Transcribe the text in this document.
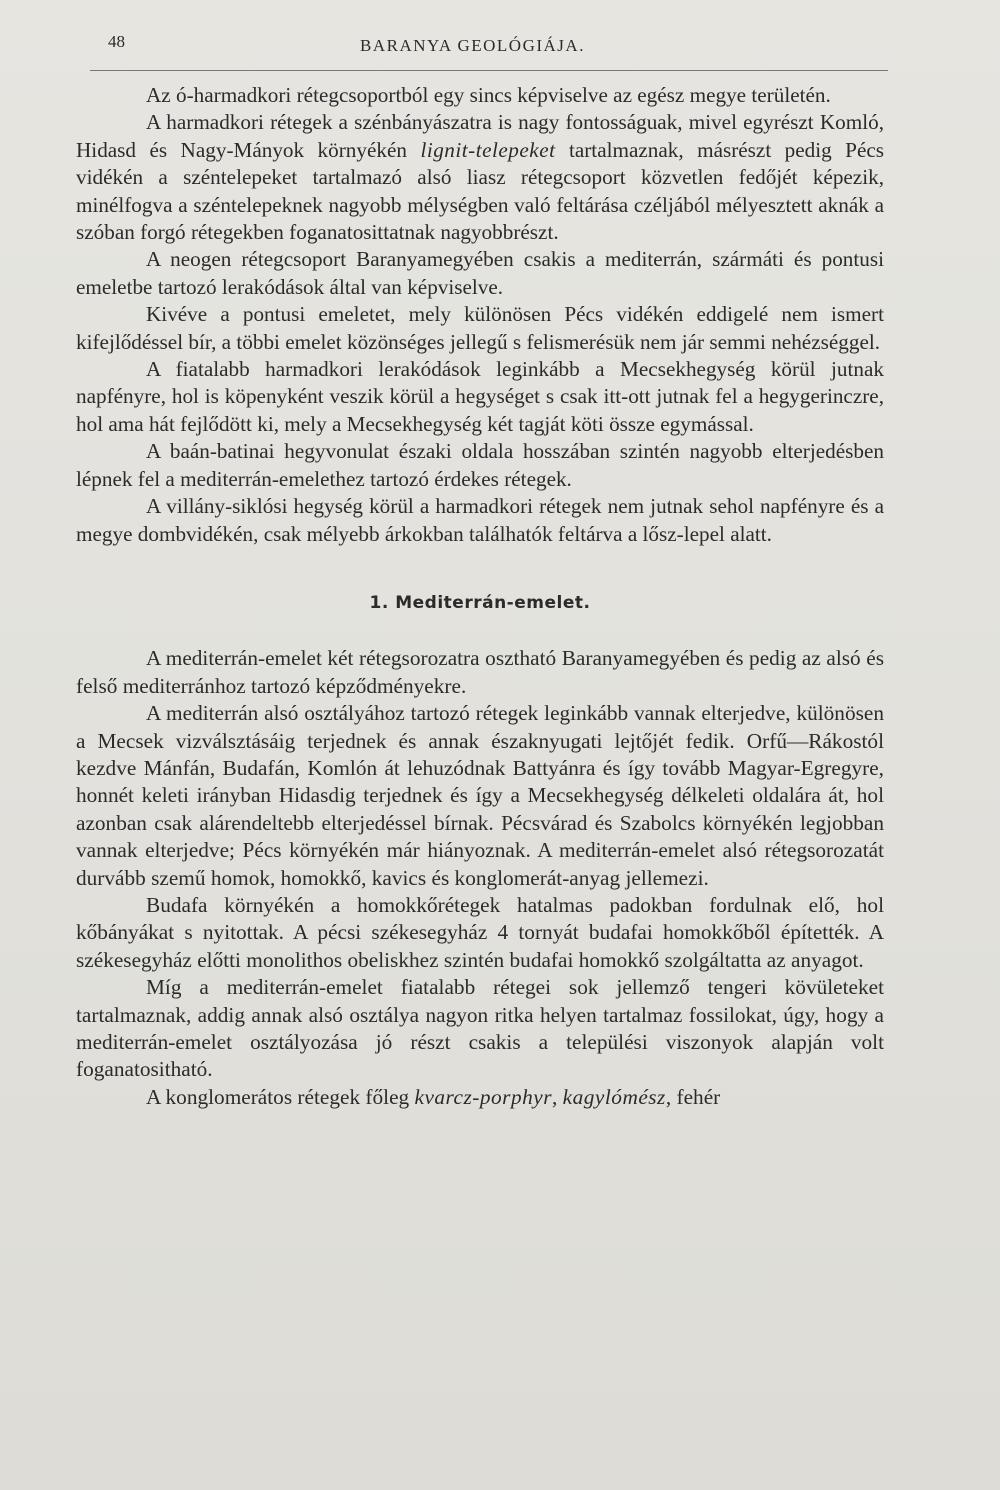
48	BARANYA GEOLÓGIÁJA.

Az ó-harmadkori rétegcsoportból egy sincs képviselve az egész megye területén.

A harmadkori rétegek a szénbányászatra is nagy fontosságuak, mivel egyrészt Komló, Hidasd és Nagy-Mányok környékén lignit-telepeket tartalmaznak, másrészt pedig Pécs vidékén a széntelepeket tartalmazó alsó liasz rétegcsoport közvetlen fedőjét képezik, minélfogva a széntelepeknek nagyobb mélységben való feltárása czéljából mélyesztett aknák a szóban forgó rétegekben foganatosittatnak nagyobbrészt.

A neogen rétegcsoport Baranyamegyében csakis a mediterrán, szármáti és pontusi emeletbe tartozó lerakódások által van képviselve.

Kivéve a pontusi emeletet, mely különösen Pécs vidékén eddigelé nem ismert kifejlődéssel bír, a többi emelet közönséges jellegű s felismerésük nem jár semmi nehézséggel.

A fiatalabb harmadkori lerakódások leginkább a Mecsekhegység körül jutnak napfényre, hol is köpenyként veszik körül a hegységet s csak itt-ott jutnak fel a hegygerinczre, hol ama hát fejlődött ki, mely a Mecsekhegység két tagját köti össze egymással.

A baán-batinai hegyvonulat északi oldala hosszában szintén nagyobb elterjedésben lépnek fel a mediterrán-emelethez tartozó érdekes rétegek.

A villány-siklósi hegység körül a harmadkori rétegek nem jutnak sehol napfényre és a megye dombvidékén, csak mélyebb árkokban találhatók feltárva a lősz-lepel alatt.

1. Mediterrán-emelet.

A mediterrán-emelet két rétegsorozatra osztható Baranyamegyében és pedig az alsó és felső mediterránhoz tartozó képződményekre.

A mediterrán alsó osztályához tartozó rétegek leginkább vannak elterjedve, különösen a Mecsek vizválsztásáig terjednek és annak északnyugati lejtőjét fedik. Orfű—Rákostól kezdve Mánfán, Budafán, Komlón át lehuzódnak Battyánra és így tovább Magyar-Egregyre, honnét keleti irányban Hidasdig terjednek és így a Mecsekhegység délkeleti oldalára át, hol azonban csak alárendeltebb elterjedéssel bírnak. Pécsvárad és Szabolcs környékén legjobban vannak elterjedve; Pécs környékén már hiányoznak. A mediterrán-emelet alsó rétegsorozatát durvább szemű homok, homokkő, kavics és konglomerát-anyag jellemezi.

Budafa környékén a homokkőrétegek hatalmas padokban fordulnak elő, hol kőbányákat s nyitottak. A pécsi székesegyház 4 tornyát budafai homokkőből építették. A székesegyház előtti monolithos obeliskhez szintén budafai homokkő szolgáltatta az anyagot.

Míg a mediterrán-emelet fiatalabb rétegei sok jellemző tengeri kövületeket tartalmaznak, addig annak alsó osztálya nagyon ritka helyen tartalmaz fossilokat, úgy, hogy a mediterrán-emelet osztályozása jó részt csakis a települési viszonyok alapján volt foganatositható.

A konglomerátos rétegek főleg kvarcz-porphyr, kagylómész, fehér
